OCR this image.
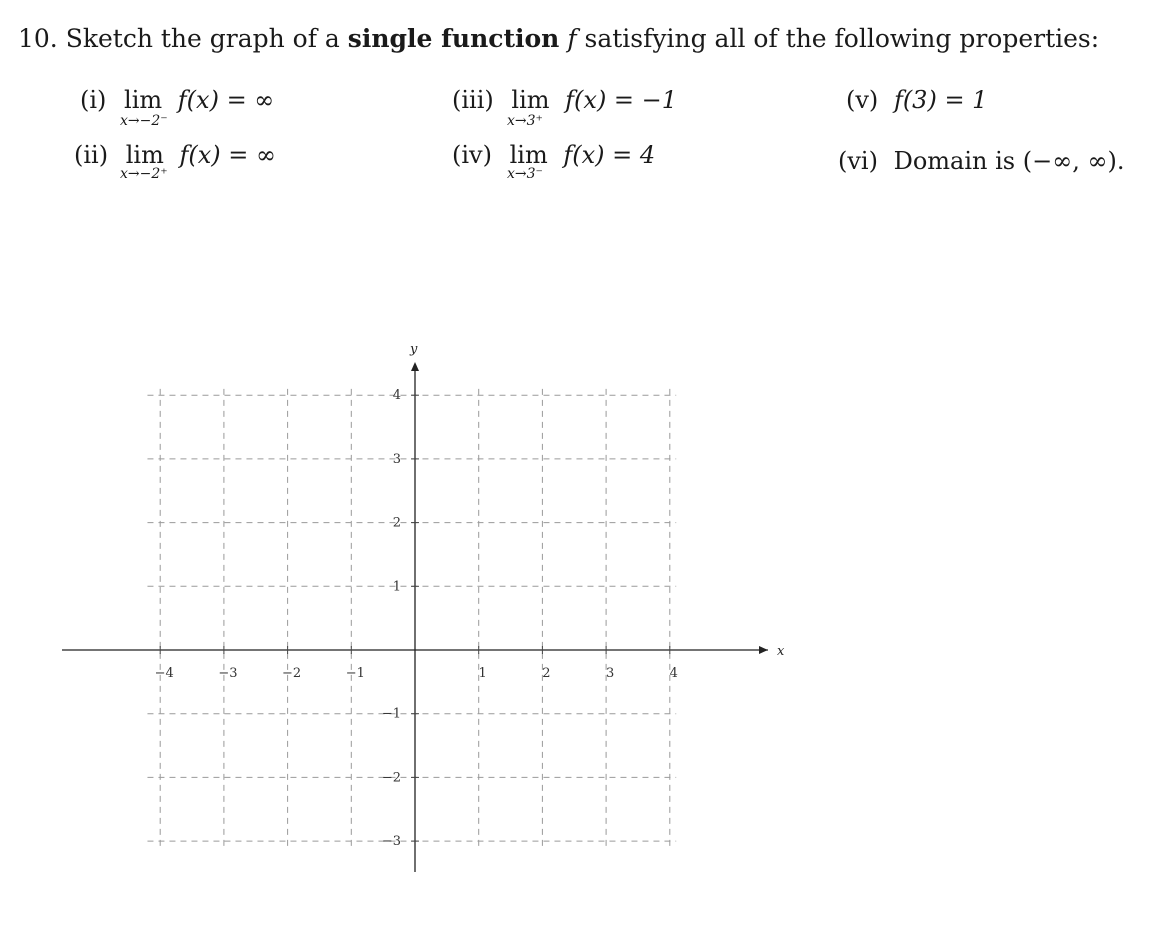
10. Sketch the graph of a single function f satisfying all of the following properties:
(i) lim f(x) = ∞
x→−2⁻
(ii) lim f(x) = ∞
x→−2⁺
(iii) lim f(x) = −1
x→3⁺
(iv) lim f(x) = 4
x→3⁻
(v) f(3) = 1
(vi) Domain is (−∞, ∞).
x
y
−4	−3	−2	−1	1	2	3	4
4
3
2
1
−1
−2
−3
